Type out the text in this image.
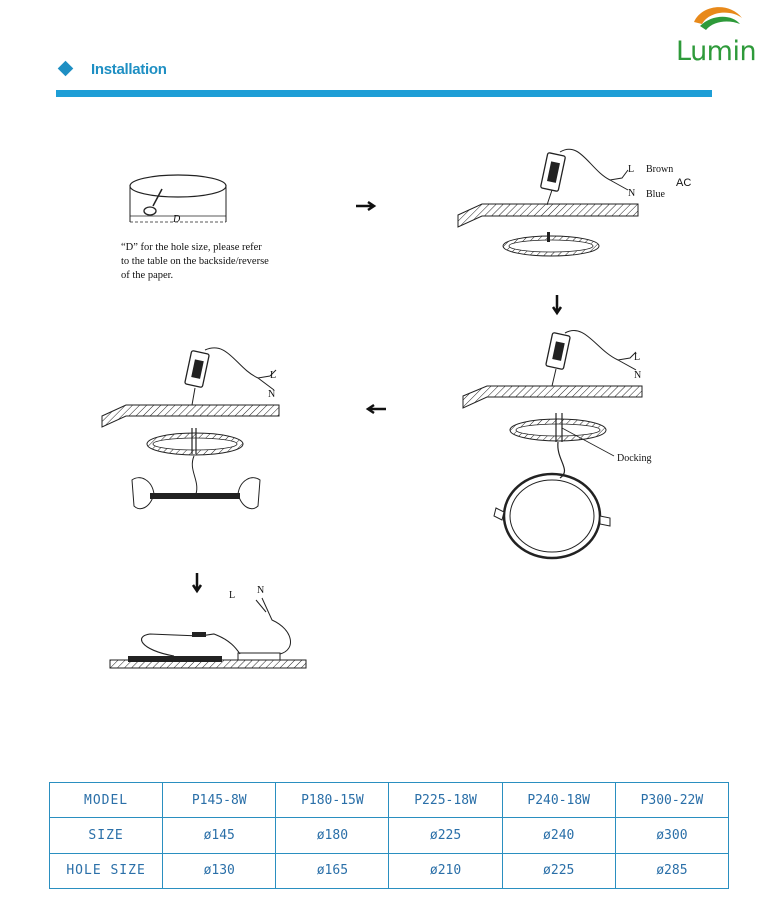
Lumin
Installation
D
L
N
Brown
Blue
AC
L
N
Docking
L
N
L N
“D” for the hole size, please refer
to the table on the backside/reverse
of the paper.
MODEL	P145-8W	P180-15W	P225-18W	P240-18W	P300-22W
SIZE	ø145	ø180	ø225	ø240	ø300
HOLE SIZE	ø130	ø165	ø210	ø225	ø285
